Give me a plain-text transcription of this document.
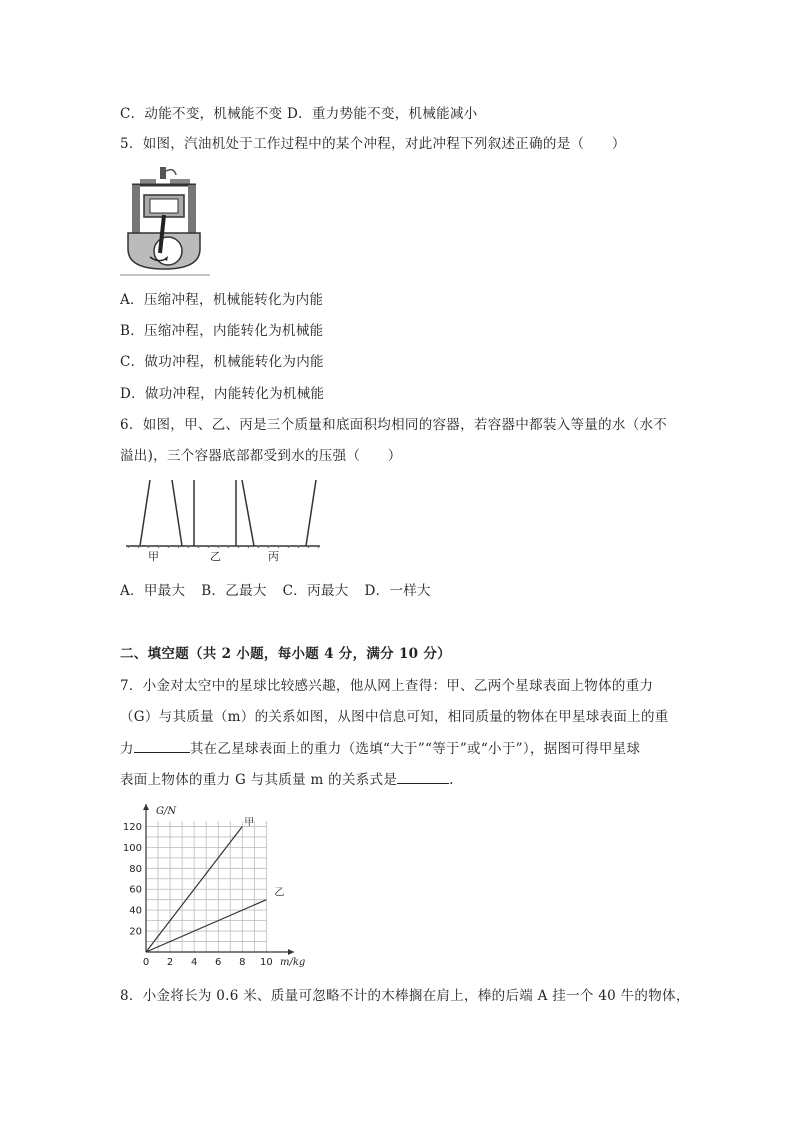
C．动能不变，机械能不变 D．重力势能不变，机械能减小
5．如图，汽油机处于工作过程中的某个冲程，对此冲程下列叙述正确的是（　　）
A．压缩冲程，机械能转化为内能
B．压缩冲程，内能转化为机械能
C．做功冲程，机械能转化为内能
D．做功冲程，内能转化为机械能
6．如图，甲、乙、丙是三个质量和底面积均相同的容器，若容器中都装入等量的水（水不
溢出)，三个容器底部都受到水的压强（　　）
甲	乙	丙
A．甲最大 B．乙最大 C．丙最大 D．一样大
二、填空题（共 2 小题，每小题 4 分，满分 10 分）
7．小金对太空中的星球比较感兴趣，他从网上查得：甲、乙两个星球表面上物体的重力
（G）与其质量（m）的关系如图，从图中信息可知，相同质量的物体在甲星球表面上的重
力	其在乙星球表面上的重力（选填“大于”“等于”或“小于”），据图可得甲星球
表面上物体的重力 G 与其质量 m 的关系式是	.
0 2 4 6 8 10
20
40
60
80
100
120	甲
乙
G/N
m/kg
8．小金将长为 0.6 米、质量可忽略不计的木棒搁在肩上，棒的后端 A 挂一个 40 牛的物体，
